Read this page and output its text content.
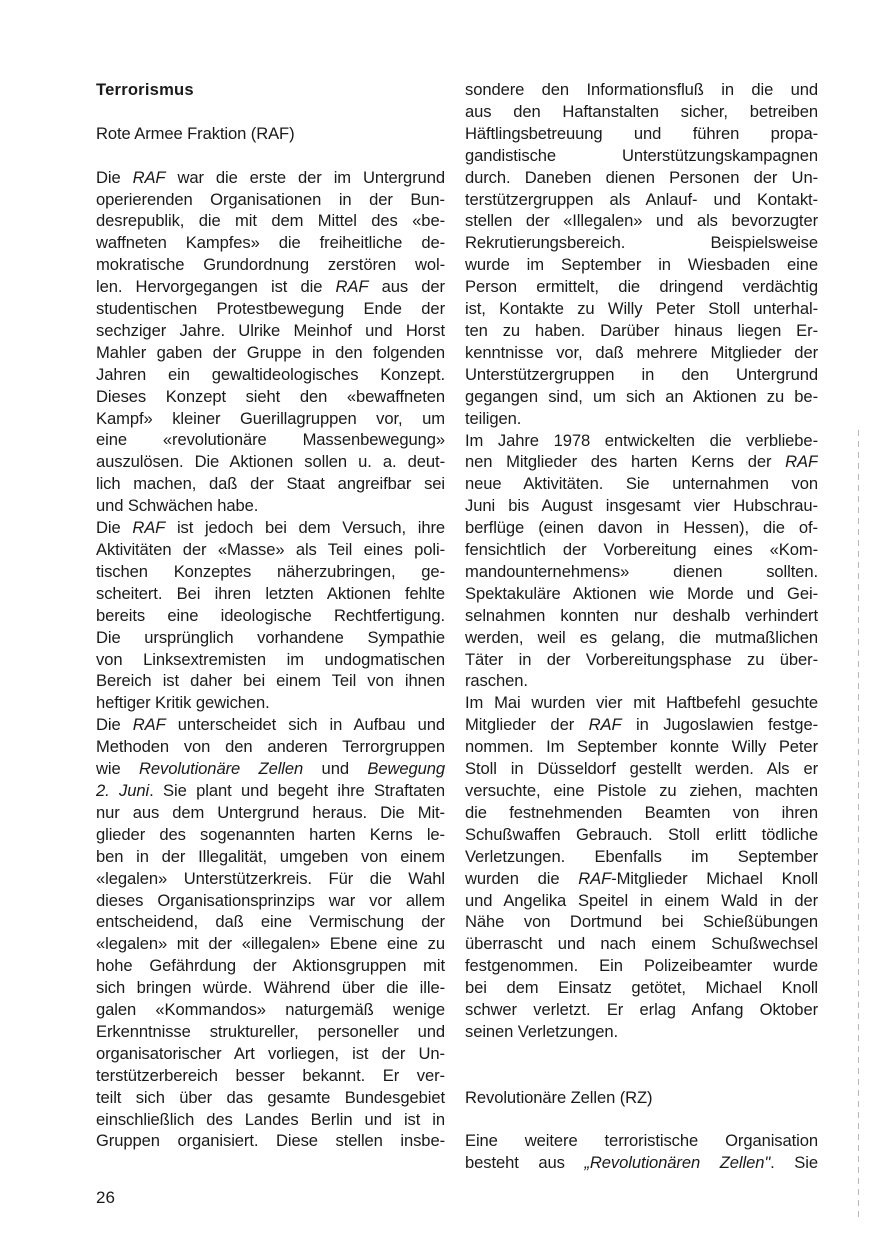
Terrorismus
Rote Armee Fraktion (RAF)
Die RAF war die erste der im Untergrund
operierenden Organisationen in der Bun-
desrepublik, die mit dem Mittel des «be-
waffneten Kampfes» die freiheitliche de-
mokratische Grundordnung zerstören wol-
len. Hervorgegangen ist die RAF aus der
studentischen Protestbewegung Ende der
sechziger Jahre. Ulrike Meinhof und Horst
Mahler gaben der Gruppe in den folgenden
Jahren ein gewaltideologisches Konzept.
Dieses Konzept sieht den «bewaffneten
Kampf» kleiner Guerillagruppen vor, um
eine «revolutionäre Massenbewegung»
auszulösen. Die Aktionen sollen u. a. deut-
lich machen, daß der Staat angreifbar sei
und Schwächen habe.
Die RAF ist jedoch bei dem Versuch, ihre
Aktivitäten der «Masse» als Teil eines poli-
tischen Konzeptes näherzubringen, ge-
scheitert. Bei ihren letzten Aktionen fehlte
bereits eine ideologische Rechtfertigung.
Die ursprünglich vorhandene Sympathie
von Linksextremisten im undogmatischen
Bereich ist daher bei einem Teil von ihnen
heftiger Kritik gewichen.
Die RAF unterscheidet sich in Aufbau und
Methoden von den anderen Terrorgruppen
wie Revolutionäre Zellen und Bewegung
2. Juni. Sie plant und begeht ihre Straftaten
nur aus dem Untergrund heraus. Die Mit-
glieder des sogenannten harten Kerns le-
ben in der Illegalität, umgeben von einem
«legalen» Unterstützerkreis. Für die Wahl
dieses Organisationsprinzips war vor allem
entscheidend, daß eine Vermischung der
«legalen» mit der «illegalen» Ebene eine zu
hohe Gefährdung der Aktionsgruppen mit
sich bringen würde. Während über die ille-
galen «Kommandos» naturgemäß wenige
Erkenntnisse struktureller, personeller und
organisatorischer Art vorliegen, ist der Un-
terstützerbereich besser bekannt. Er ver-
teilt sich über das gesamte Bundesgebiet
einschließlich des Landes Berlin und ist in
Gruppen organisiert. Diese stellen insbe-
sondere den Informationsfluß in die und
aus den Haftanstalten sicher, betreiben
Häftlingsbetreuung und führen propa-
gandistische Unterstützungskampagnen
durch. Daneben dienen Personen der Un-
terstützergruppen als Anlauf- und Kontakt-
stellen der «Illegalen» und als bevorzugter
Rekrutierungsbereich. Beispielsweise
wurde im September in Wiesbaden eine
Person ermittelt, die dringend verdächtig
ist, Kontakte zu Willy Peter Stoll unterhal-
ten zu haben. Darüber hinaus liegen Er-
kenntnisse vor, daß mehrere Mitglieder der
Unterstützergruppen in den Untergrund
gegangen sind, um sich an Aktionen zu be-
teiligen.
Im Jahre 1978 entwickelten die verbliebe-
nen Mitglieder des harten Kerns der RAF
neue Aktivitäten. Sie unternahmen von
Juni bis August insgesamt vier Hubschrau-
berflüge (einen davon in Hessen), die of-
fensichtlich der Vorbereitung eines «Kom-
mandounternehmens» dienen sollten.
Spektakuläre Aktionen wie Morde und Gei-
selnahmen konnten nur deshalb verhindert
werden, weil es gelang, die mutmaßlichen
Täter in der Vorbereitungsphase zu über-
raschen.
Im Mai wurden vier mit Haftbefehl gesuchte
Mitglieder der RAF in Jugoslawien festge-
nommen. Im September konnte Willy Peter
Stoll in Düsseldorf gestellt werden. Als er
versuchte, eine Pistole zu ziehen, machten
die festnehmenden Beamten von ihren
Schußwaffen Gebrauch. Stoll erlitt tödliche
Verletzungen. Ebenfalls im September
wurden die RAF-Mitglieder Michael Knoll
und Angelika Speitel in einem Wald in der
Nähe von Dortmund bei Schießübungen
überrascht und nach einem Schußwechsel
festgenommen. Ein Polizeibeamter wurde
bei dem Einsatz getötet, Michael Knoll
schwer verletzt. Er erlag Anfang Oktober
seinen Verletzungen.
Revolutionäre Zellen (RZ)
Eine weitere terroristische Organisation
besteht aus „Revolutionären Zellen". Sie
26
